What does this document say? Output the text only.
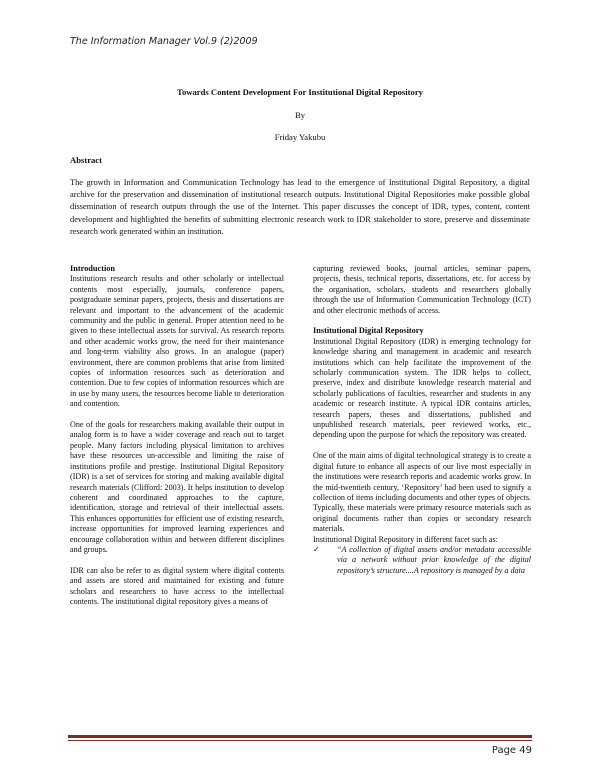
The Information Manager Vol.9 (2)2009
Towards Content Development For Institutional Digital Repository
By
Friday Yakubu
Abstract

The growth in Information and Communication Technology has lead to the emergence of Institutional Digital Repository, a digital archive for the preservation and dissemination of institutional research outputs. Institutional Digital Repositories make possible global dissemination of research outputs through the use of the Internet. This paper discusses the concept of IDR, types, content, content development and highlighted the benefits of submitting electronic research work to IDR stakeholder to store, preserve and disseminate research work generated within an institution.

Introduction

Institutions research results and other scholarly or intellectual contents most especially, journals, conference papers, postgraduate seminar papers, projects, thesis and dissertations are relevant and important to the advancement of the academic community and the public in general. Proper attention need to be given to these intellectual assets for survival. As research reports and other academic works grow, the need for their maintenance and long-term viability also grows. In an analogue (paper) environment, there are common problems that arise from limited copies of information resources such as deterioration and contention. Due to few copies of information resources which are in use by many users, the resources become liable to deterioration and contention.

One of the goals for researchers making available their output in analog form is to have a wider coverage and reach out to target people. Many factors including physical limitation to archives have these resources un-accessible and limiting the raise of institutions profile and prestige. Institutional Digital Repository (IDR) is a set of services for storing and making available digital research materials (Clifford: 2003). It helps institution to develop coherent and coordinated approaches to the capture, identification, storage and retrieval of their intellectual assets. This enhances opportunities for efficient use of existing research, increase opportunities for improved learning experiences and encourage collaboration within and between different disciplines and groups.

IDR can also be refer to as digital system where digital contents and assets are stored and maintained for existing and future scholars and researchers to have access to the intellectual contents. The institutional digital repository gives a means of

capturing reviewed books, journal articles, seminar papers, projects, thesis, technical reports, dissertations, etc. for access by the organisation, scholars, students and researchers globally through the use of Information Communication Technology (ICT) and other electronic methods of access.

Institutional Digital Repository

Institutional Digital Repository (IDR) is emerging technology for knowledge sharing and management in academic and research institutions which can help facilitate the improvement of the scholarly communication system. The IDR helps to collect, preserve, index and distribute knowledge research material and scholarly publications of faculties, researcher and students in any academic or research institute. A typical IDR contains articles, research papers, theses and dissertations, published and unpublished research materials, peer reviewed works, etc., depending upon the purpose for which the repository was created.

One of the main aims of digital technological strategy is to create a digital future to enhance all aspects of our live most especially in the institutions were research reports and academic works grow. In the mid-twentieth century, ‘Repository’ had been used to signify a collection of items including documents and other types of objects. Typically, these materials were primary resource materials such as original documents rather than copies or secondary research materials.

Institutional Digital Repository in different facet such as:

✓	“A collection of digital assets and/or metadata accessible via a network without prior knowledge of the digital repository’s structure....A repository is managed by a data
Page 49
